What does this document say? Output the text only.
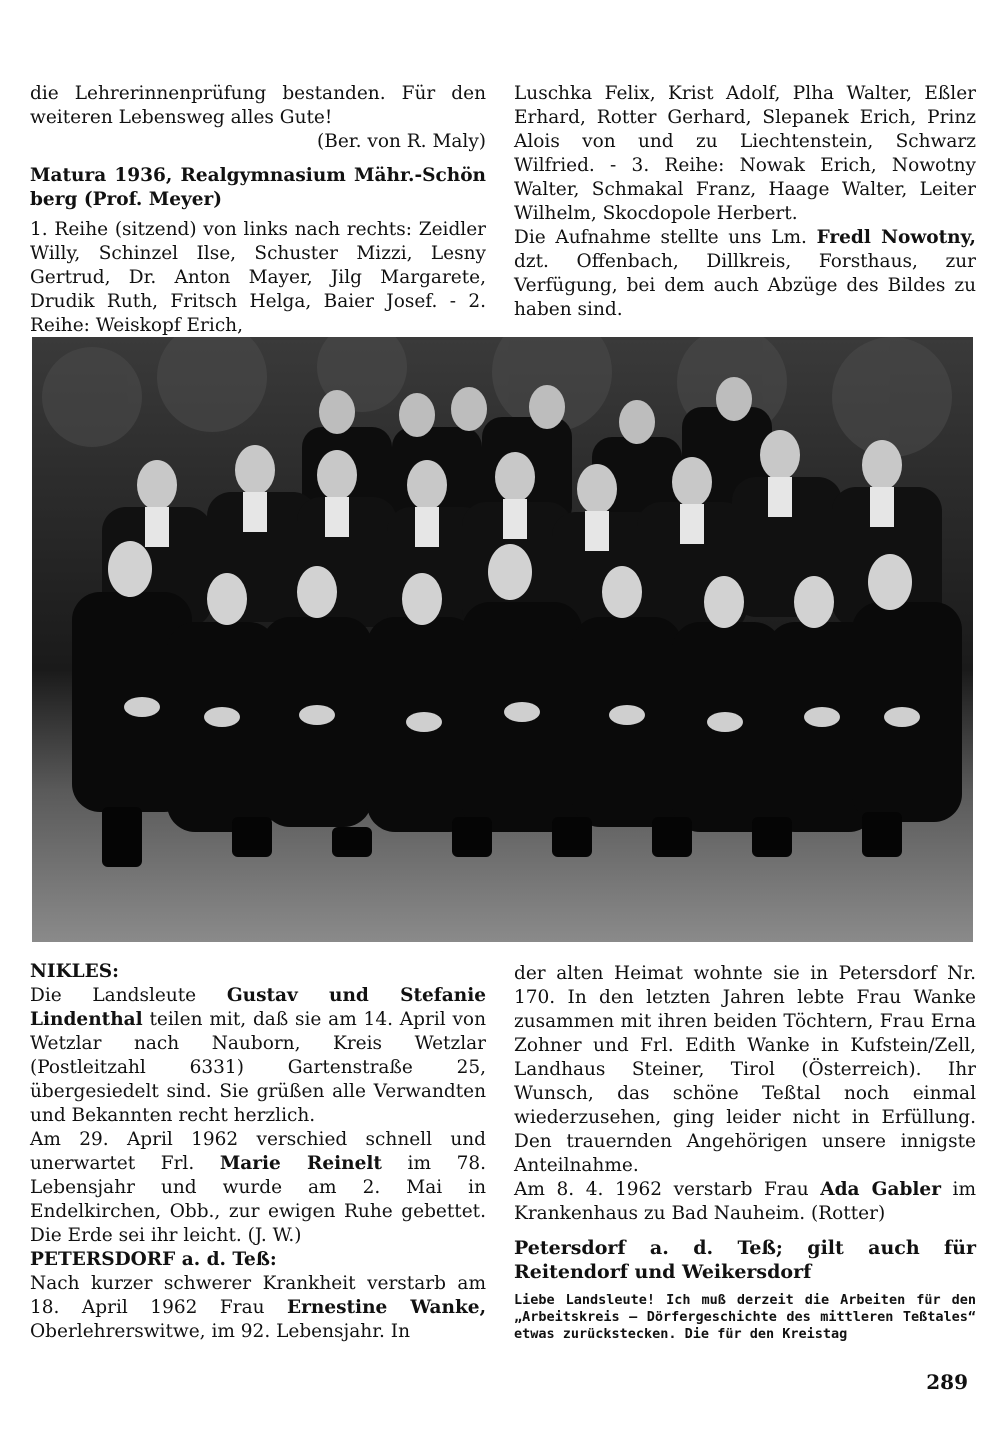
die Lehrerinnenprüfung bestanden. Für den weiteren Lebensweg alles Gute!

(Ber. von R. Maly)

Matura 1936, Realgymnasium Mähr.-Schön berg (Prof. Meyer)

1. Reihe (sitzend) von links nach rechts: Zeidler Willy, Schinzel Ilse, Schuster Mizzi, Lesny Gertrud, Dr. Anton Mayer, Jilg Margarete, Drudik Ruth, Fritsch Helga, Baier Josef. - 2. Reihe: Weiskopf Erich,

Luschka Felix, Krist Adolf, Plha Walter, Eßler Erhard, Rotter Gerhard, Slepanek Erich, Prinz Alois von und zu Liechtenstein, Schwarz Wilfried. - 3. Reihe: Nowak Erich, Nowotny Walter, Schmakal Franz, Haage Walter, Leiter Wilhelm, Skocdopole Herbert.

Die Aufnahme stellte uns Lm. Fredl Nowotny, dzt. Offenbach, Dillkreis, Forsthaus, zur Verfügung, bei dem auch Abzüge des Bildes zu haben sind.

NIKLES:

Die Landsleute Gustav und Stefanie Lindenthal teilen mit, daß sie am 14. April von Wetzlar nach Nauborn, Kreis Wetzlar (Postleitzahl 6331) Gartenstraße 25, übergesiedelt sind. Sie grüßen alle Verwandten und Bekannten recht herzlich.

Am 29. April 1962 verschied schnell und unerwartet Frl. Marie Reinelt im 78. Lebensjahr und wurde am 2. Mai in Endelkirchen, Obb., zur ewigen Ruhe gebettet. Die Erde sei ihr leicht. (J. W.)

PETERSDORF a. d. Teß:

Nach kurzer schwerer Krankheit verstarb am 18. April 1962 Frau Ernestine Wanke, Oberlehrerswitwe, im 92. Lebensjahr. In

der alten Heimat wohnte sie in Petersdorf Nr. 170. In den letzten Jahren lebte Frau Wanke zusammen mit ihren beiden Töchtern, Frau Erna Zohner und Frl. Edith Wanke in Kufstein/Zell, Landhaus Steiner, Tirol (Österreich). Ihr Wunsch, das schöne Teßtal noch einmal wiederzusehen, ging leider nicht in Erfüllung. Den trauernden Angehörigen unsere innigste Anteilnahme.

Am 8. 4. 1962 verstarb Frau Ada Gabler im Krankenhaus zu Bad Nauheim. (Rotter)

Petersdorf a. d. Teß; gilt auch für Reitendorf und Weikersdorf

Liebe Landsleute! Ich muß derzeit die Arbeiten für den „Arbeitskreis — Dörfergeschichte des mittleren Teßtales“ etwas zurückstecken. Die für den Kreistag

289
